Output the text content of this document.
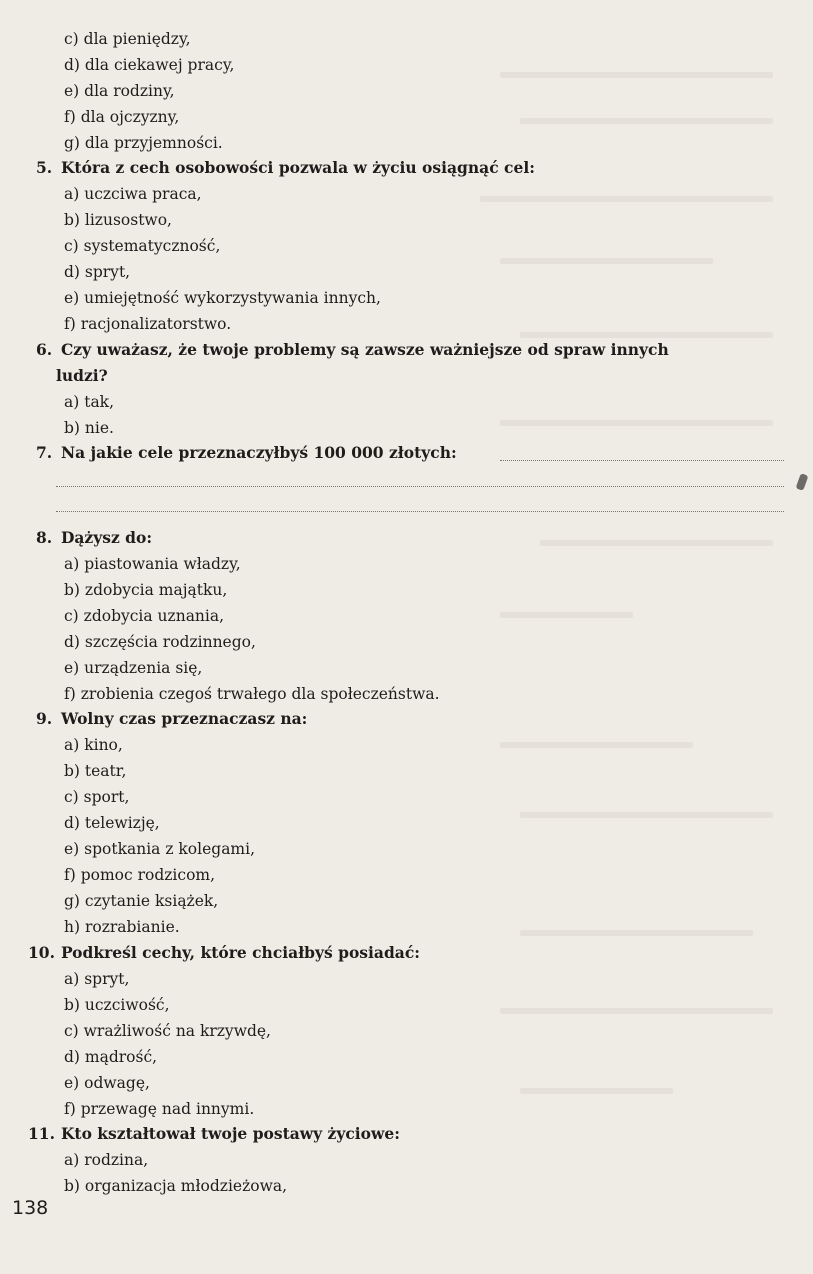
c) dla pieniędzy,
d) dla ciekawej pracy,
e) dla rodziny,
f) dla ojczyzny,
g) dla przyjemności.
5. Która z cech osobowości pozwala w życiu osiągnąć cel:
a) uczciwa praca,
b) lizusostwo,
c) systematyczność,
d) spryt,
e) umiejętność wykorzystywania innych,
f) racjonalizatorstwo.
6. Czy uważasz, że twoje problemy są zawsze ważniejsze od spraw innych
ludzi?
a) tak,
b) nie.
7. Na jakie cele przeznaczyłbyś 100 000 złotych:
8. Dążysz do:
a) piastowania władzy,
b) zdobycia majątku,
c) zdobycia uznania,
d) szczęścia rodzinnego,
e) urządzenia się,
f) zrobienia czegoś trwałego dla społeczeństwa.
9. Wolny czas przeznaczasz na:
a) kino,
b) teatr,
c) sport,
d) telewizję,
e) spotkania z kolegami,
f) pomoc rodzicom,
g) czytanie książek,
h) rozrabianie.
10. Podkreśl cechy, które chciałbyś posiadać:
a) spryt,
b) uczciwość,
c) wrażliwość na krzywdę,
d) mądrość,
e) odwagę,
f) przewagę nad innymi.
11. Kto kształtował twoje postawy życiowe:
a) rodzina,
b) organizacja młodzieżowa,
138
